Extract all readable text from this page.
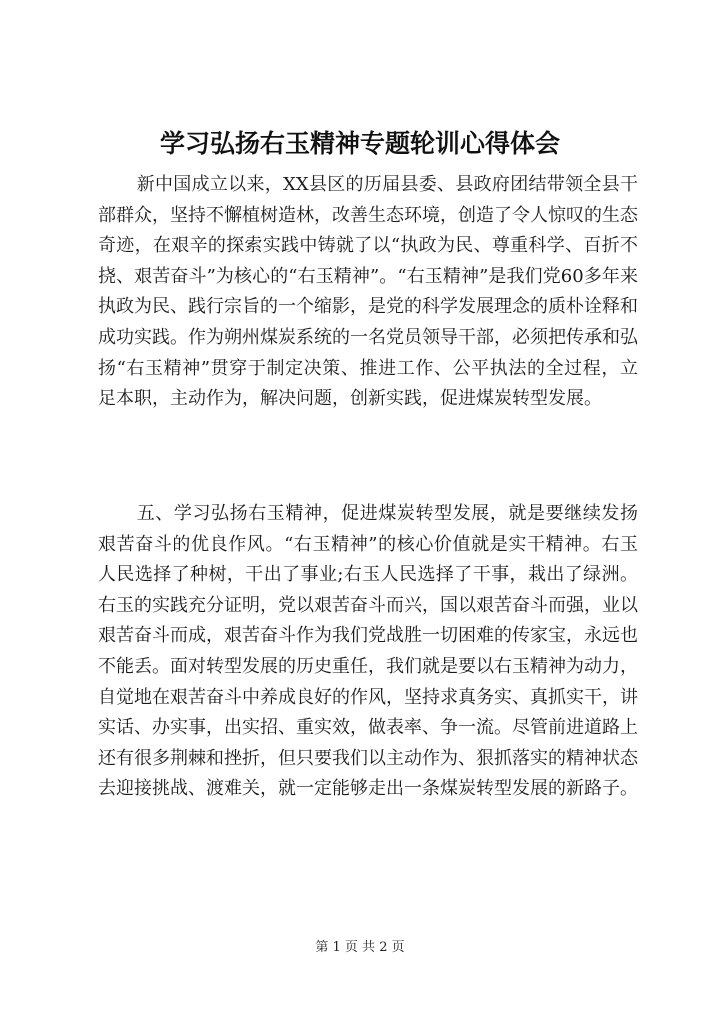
学习弘扬右玉精神专题轮训心得体会

新中国成立以来，XX县区的历届县委、县政府团结带领全县干部群众，坚持不懈植树造林，改善生态环境，创造了令人惊叹的生态奇迹，在艰辛的探索实践中铸就了以“执政为民、尊重科学、百折不挠、艰苦奋斗”为核心的“右玉精神”。“右玉精神”是我们党60多年来执政为民、践行宗旨的一个缩影，是党的科学发展理念的质朴诠释和成功实践。作为朔州煤炭系统的一名党员领导干部，必须把传承和弘扬“右玉精神”贯穿于制定决策、推进工作、公平执法的全过程，立足本职，主动作为，解决问题，创新实践，促进煤炭转型发展。

五、学习弘扬右玉精神，促进煤炭转型发展，就是要继续发扬艰苦奋斗的优良作风。“右玉精神”的核心价值就是实干精神。右玉人民选择了种树，干出了事业;右玉人民选择了干事，栽出了绿洲。右玉的实践充分证明，党以艰苦奋斗而兴，国以艰苦奋斗而强，业以艰苦奋斗而成，艰苦奋斗作为我们党战胜一切困难的传家宝，永远也不能丢。面对转型发展的历史重任，我们就是要以右玉精神为动力，自觉地在艰苦奋斗中养成良好的作风，坚持求真务实、真抓实干，讲实话、办实事，出实招、重实效，做表率、争一流。尽管前进道路上还有很多荆棘和挫折，但只要我们以主动作为、狠抓落实的精神状态去迎接挑战、渡难关，就一定能够走出一条煤炭转型发展的新路子。

第 1 页 共 2 页
